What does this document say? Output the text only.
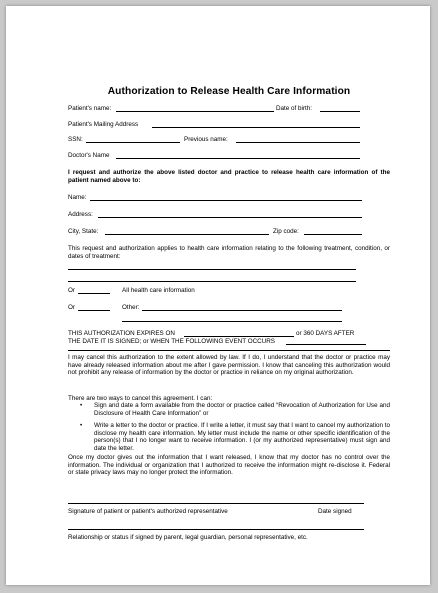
Authorization to Release Health Care Information
Patient's name:	Date of birth:
Patient's Mailing Address
SSN:	Previous name:
Doctor's Name
I request and authorize the above listed doctor and practice to release health care information of the patient named above to:
Name:
Address:
City, State:	Zip code:
This request and authorization applies to health care information relating to the following treatment, condition, or dates of treatment:
Or	All health care information
Or	Other:
THIS AUTHORIZATION EXPIRES ON	or 360 DAYS AFTER
THE DATE IT IS SIGNED; or WHEN THE FOLLOWING EVENT OCCURS
I may cancel this authorization to the extent allowed by law. If I do, I understand that the doctor or practice may have already released information about me after I gave permission. I know that canceling this authorization would not prohibit any release of information by the doctor or practice in reliance on my original authorization.
There are two ways to cancel this agreement. I can:
• Sign and date a form available from the doctor or practice called “Revocation of Authorization for Use and Disclosure of Health Care Information” or
• Write a letter to the doctor or practice. If I write a letter, it must say that I want to cancel my authorization to disclose my health care information. My letter must include the name or other specific identification of the person(s) that I no longer want to receive information. I (or my authorized representative) must sign and date the letter.
Once my doctor gives out the information that I want released, I know that my doctor has no control over the information. The individual or organization that I authorized to receive the information might re-disclose it. Federal or state privacy laws may no longer protect the information.
Signature of patient or patient's authorized representative	Date signed
Relationship or status if signed by parent, legal guardian, personal representative, etc.
